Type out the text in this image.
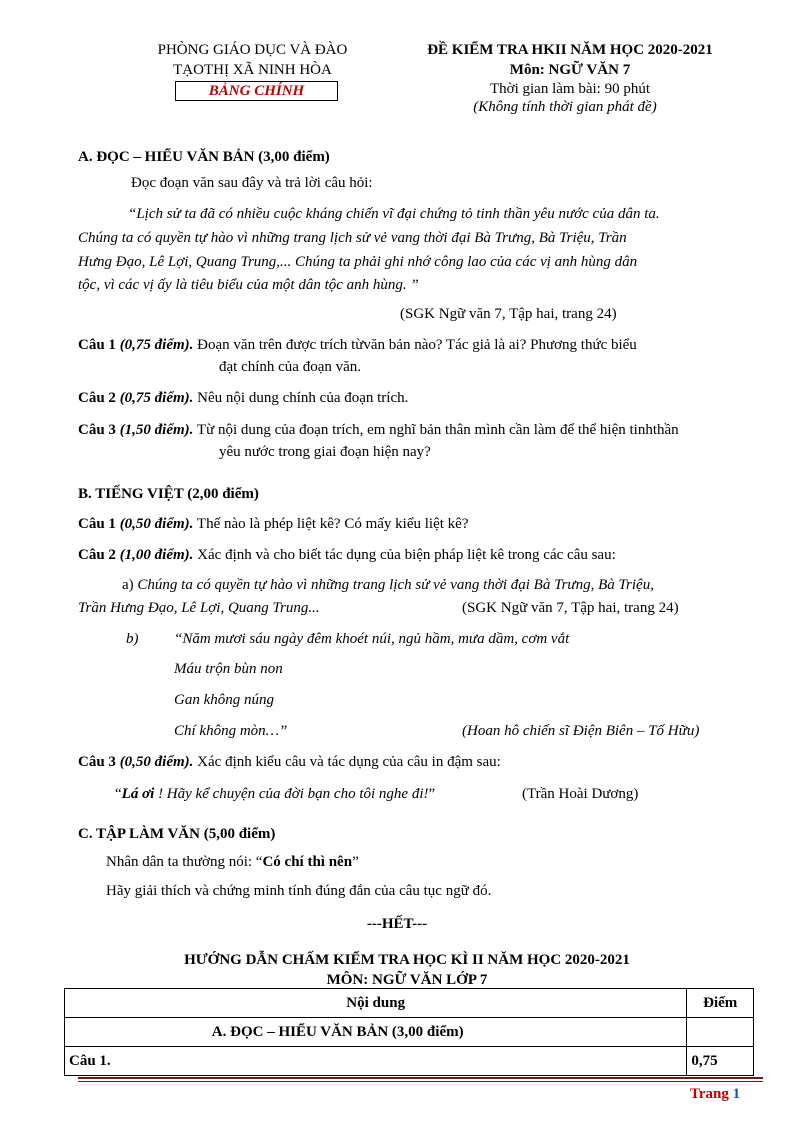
PHÒNG GIÁO DỤC VÀ ĐÀO
TẠOTHỊ XÃ NINH HÒA
BẢNG CHÍNH
ĐỀ KIỂM TRA HKII NĂM HỌC 2020-2021
Môn: NGỮ VĂN 7
Thời gian làm bài: 90 phút
(Không tính thời gian phát đề)
A. ĐỌC – HIỂU VĂN BẢN (3,00 điểm)
Đọc đoạn văn sau đây và trả lời câu hỏi:
“Lịch sử ta đã có nhiều cuộc kháng chiến vĩ đại chứng tỏ tinh thần yêu nước của dân ta.
Chúng ta có quyền tự hào vì những trang lịch sử vẻ vang thời đại Bà Trưng, Bà Triệu, Trần
Hưng Đạo, Lê Lợi, Quang Trung,... Chúng ta phải ghi nhớ công lao của các vị anh hùng dân
tộc, vì các vị ấy là tiêu biểu của một dân tộc anh hùng. ”
(SGK Ngữ văn 7, Tập hai, trang 24)
Câu 1 (0,75 điểm). Đoạn văn trên được trích từvăn bản nào? Tác giả là ai? Phương thức biểu
đạt chính của đoạn văn.
Câu 2 (0,75 điểm). Nêu nội dung chính của đoạn trích.
Câu 3 (1,50 điểm). Từ nội dung của đoạn trích, em nghĩ bản thân mình cần làm để thể hiện tinhthần
yêu nước trong giai đoạn hiện nay?
B. TIẾNG VIỆT (2,00 điểm)
Câu 1 (0,50 điểm). Thế nào là phép liệt kê? Có mấy kiểu liệt kê?
Câu 2 (1,00 điểm). Xác định và cho biết tác dụng của biện pháp liệt kê trong các câu sau:
a) Chúng ta có quyền tự hào vì những trang lịch sử vẻ vang thời đại Bà Trưng, Bà Triệu,
Trần Hưng Đạo, Lê Lợi, Quang Trung...	(SGK Ngữ văn 7, Tập hai, trang 24)
b) “Năm mươi sáu ngày đêm khoét núi, ngủ hầm, mưa dầm, cơm vắt
Máu trộn bùn non
Gan không núng
Chí không mòn…”	(Hoan hô chiến sĩ Điện Biên – Tố Hữu)
Câu 3 (0,50 điểm). Xác định kiểu câu và tác dụng của câu in đậm sau:
“Lá ơi ! Hãy kể chuyện của đời bạn cho tôi nghe đi!”	(Trần Hoài Dương)
C. TẬP LÀM VĂN (5,00 điểm)
Nhân dân ta thường nói: “Có chí thì nên”
Hãy giải thích và chứng minh tính đúng đắn của câu tục ngữ đó.
---HẾT---
HƯỚNG DẪN CHẤM KIỂM TRA HỌC KÌ II NĂM HỌC 2020-2021
MÔN: NGỮ VĂN LỚP 7
Nội dung	Điểm
A. ĐỌC – HIỂU VĂN BẢN (3,00 điểm)	
Câu 1.	0,75
Trang 1
